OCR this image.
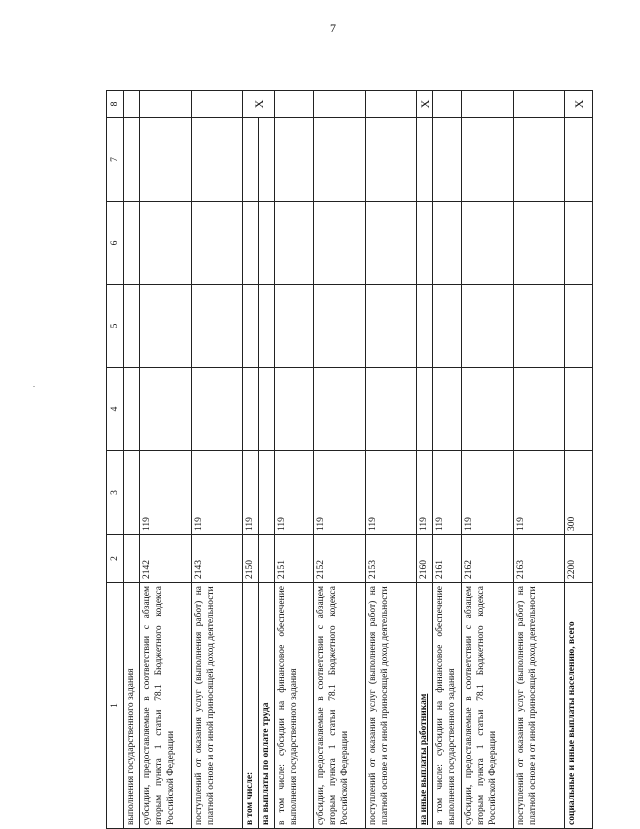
7
.
1	2	3	4	5	6	7	8
выполнения государственного задания							
субсидии, предоставляемые в соответствии с абзацем вторым пункта 1 статьи 78.1 Бюджетного кодекса Российской Федерации	2142	119					
поступлений от оказания услуг (выполнения работ) на платной основе и от иной приносящей доход деятельности	2143	119					
в том числе:	2150	119					X
на выплаты по оплате труда							
в том числе: субсидии на финансовое обеспечение выполнения государственного задания	2151	119					
субсидии, предоставляемые в соответствии с абзацем вторым пункта 1 статьи 78.1 Бюджетного кодекса Российской Федерации	2152	119					
поступлений от оказания услуг (выполнения работ) на платной основе и от иной приносящей доход деятельности	2153	119					
на иные выплаты работникам	2160	119					X
в том числе: субсидии на финансовое обеспечение выполнения государственного задания	2161	119					
субсидии, предоставляемые в соответствии с абзацем вторым пункта 1 статьи 78.1 Бюджетного кодекса Российской Федерации	2162	119					
поступлений от оказания услуг (выполнения работ) на платной основе и от иной приносящей доход деятельности	2163	119					
социальные и иные выплаты населению, всего	2200	300					X
